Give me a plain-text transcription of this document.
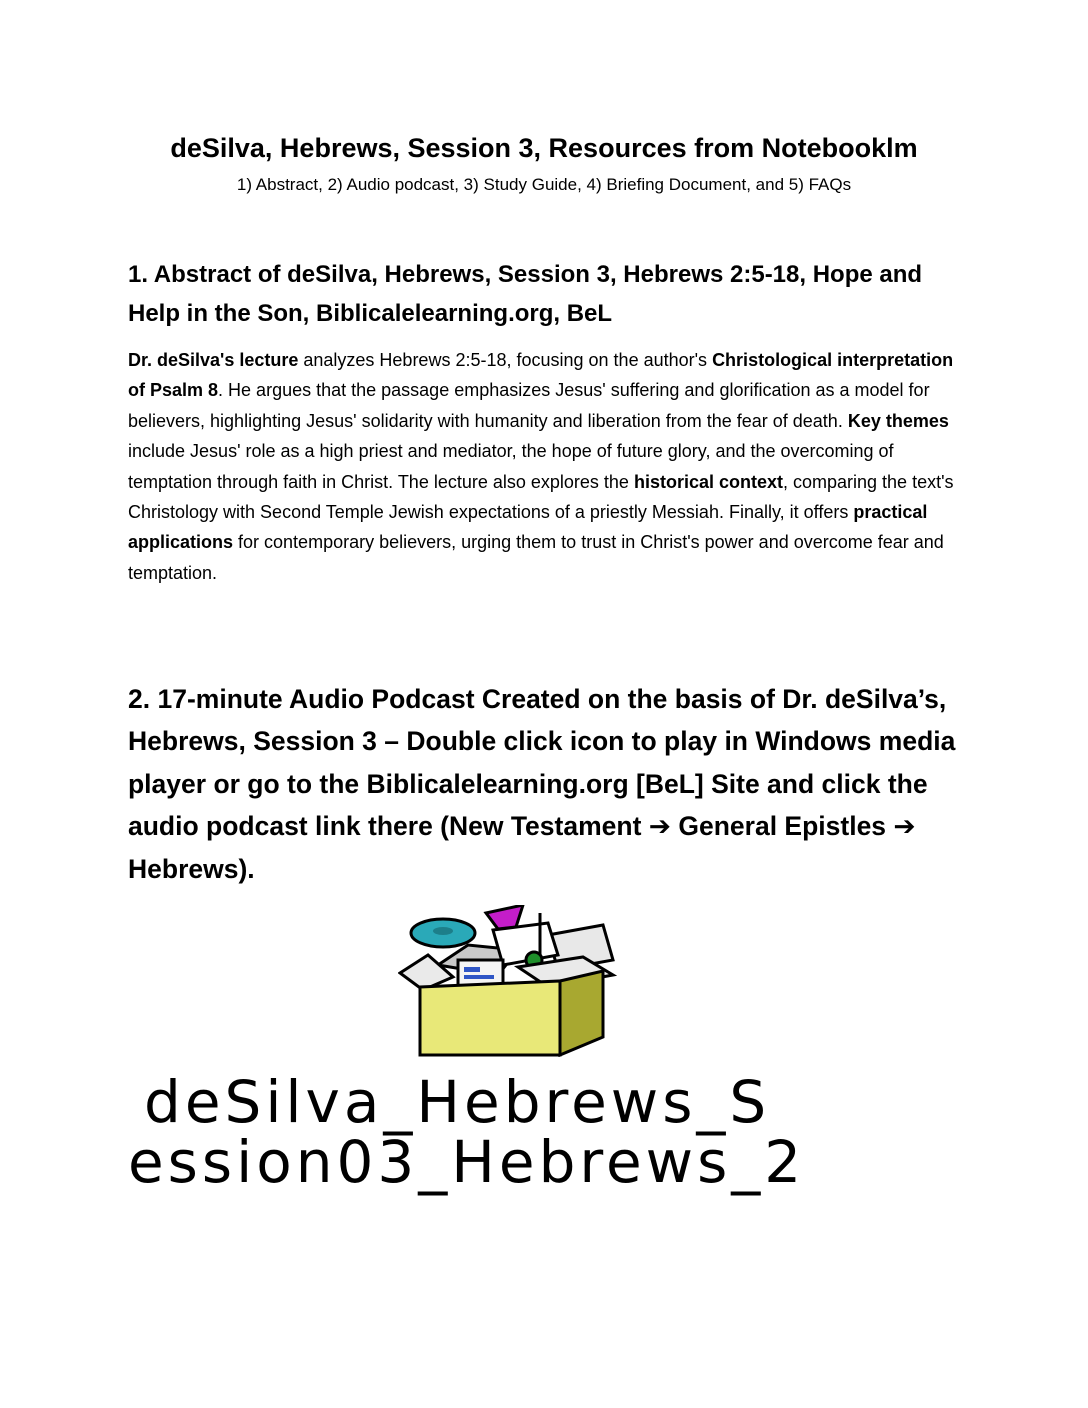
deSilva, Hebrews, Session 3, Resources from Notebooklm
1) Abstract, 2) Audio podcast, 3) Study Guide, 4) Briefing Document, and 5) FAQs
1. Abstract of deSilva, Hebrews, Session 3, Hebrews 2:5-18, Hope and Help in the Son, Biblicalelearning.org, BeL
Dr. deSilva's lecture analyzes Hebrews 2:5-18, focusing on the author's Christological interpretation of Psalm 8. He argues that the passage emphasizes Jesus' suffering and glorification as a model for believers, highlighting Jesus' solidarity with humanity and liberation from the fear of death. Key themes include Jesus' role as a high priest and mediator, the hope of future glory, and the overcoming of temptation through faith in Christ. The lecture also explores the historical context, comparing the text's Christology with Second Temple Jewish expectations of a priestly Messiah. Finally, it offers practical applications for contemporary believers, urging them to trust in Christ's power and overcome fear and temptation.
2. 17-minute Audio Podcast Created on the basis of Dr. deSilva’s, Hebrews, Session 3 – Double click icon to play in Windows media player or go to the Biblicalelearning.org [BeL] Site and click the audio podcast link there (New Testament ➔ General Epistles ➔ Hebrews).
deSilva_Hebrews_S
ession03_Hebrews_2
